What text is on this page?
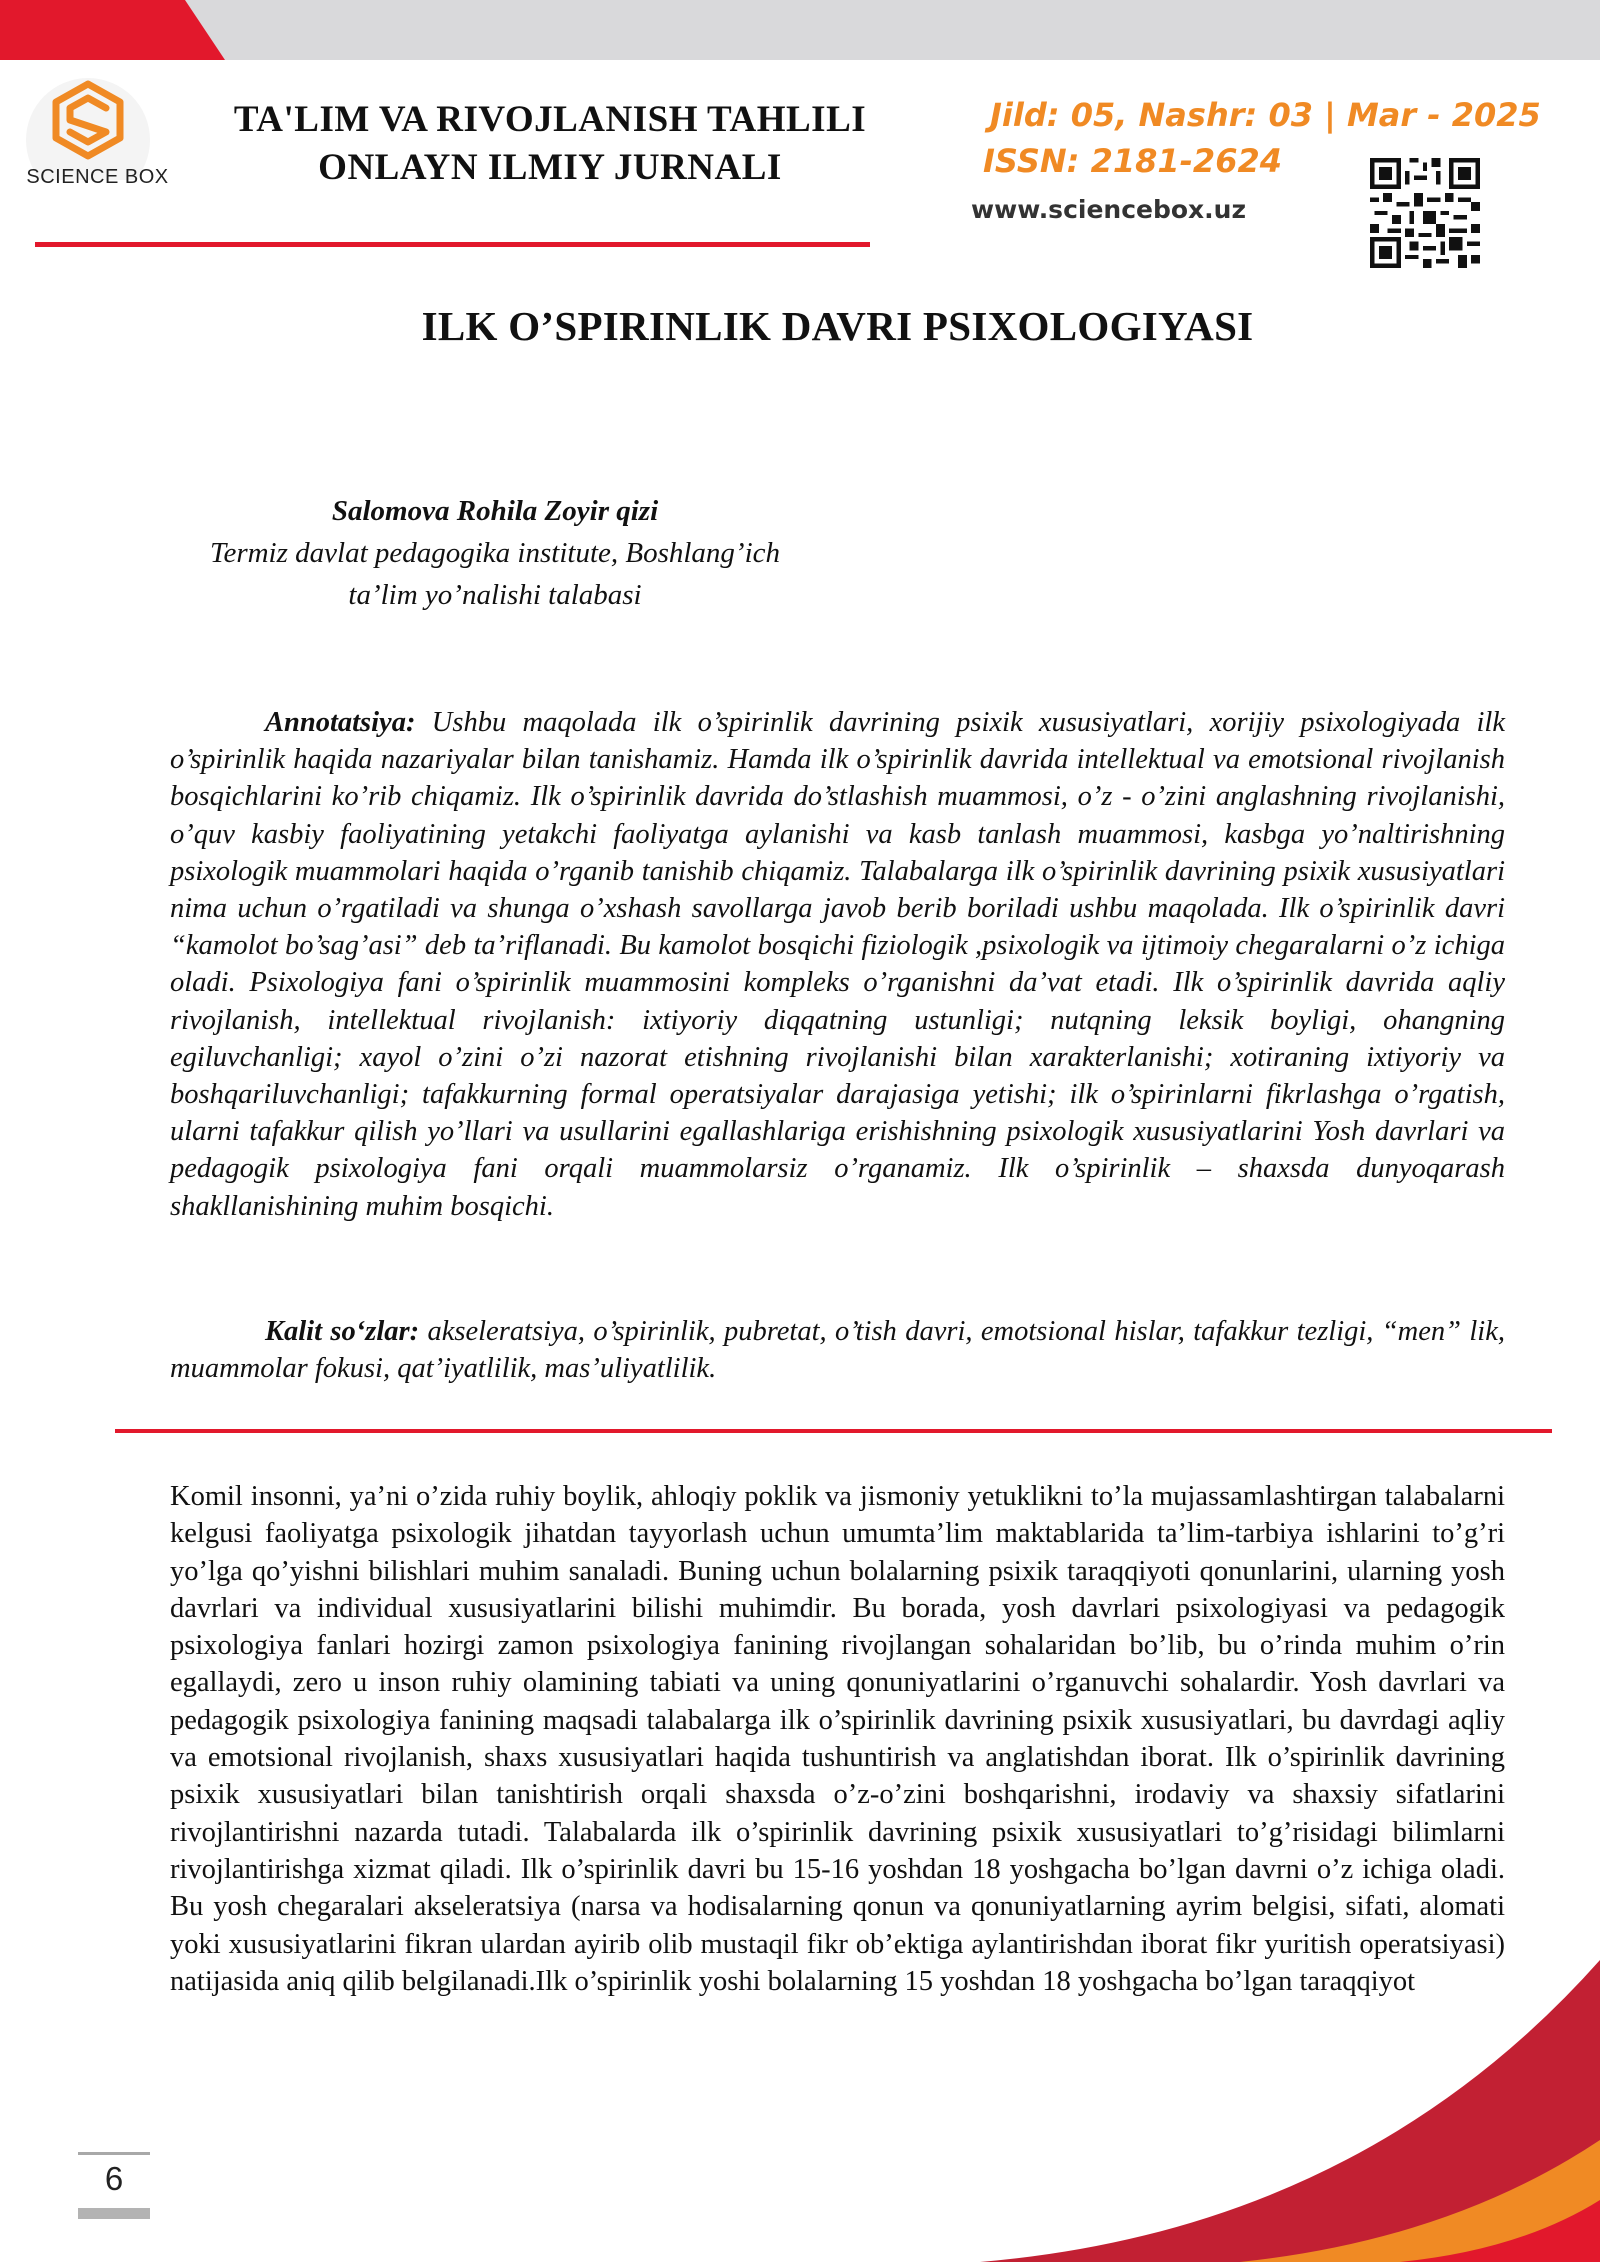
SCIENCE BOX
TA'LIM VA RIVOJLANISH TAHLILI
ONLAYN ILMIY JURNALI
Jild: 05, Nashr: 03 | Mar - 2025
ISSN: 2181-2624
www.sciencebox.uz
ILK O’SPIRINLIK DAVRI PSIXOLOGIYASI
Salomova Rohila Zoyir qizi
Termiz davlat pedagogika institute, Boshlang’ich
ta’lim yo’nalishi talabasi

Annotatsiya: Ushbu maqolada ilk o’spirinlik davrining psixik xususiyatlari, xorijiy psixologiyada ilk o’spirinlik haqida nazariyalar bilan tanishamiz. Hamda ilk o’spirinlik davrida intellektual va emotsional rivojlanish bosqichlarini ko’rib chiqamiz. Ilk o’spirinlik davrida do’stlashish muammosi, o’z - o’zini anglashning rivojlanishi, o’quv kasbiy faoliyatining yetakchi faoliyatga aylanishi va kasb tanlash muammosi, kasbga yo’naltirishning psixologik muammolari haqida o’rganib tanishib chiqamiz. Talabalarga ilk o’spirinlik davrining psixik xususiyatlari nima uchun o’rgatiladi va shunga o’xshash savollarga javob berib boriladi ushbu maqolada. Ilk o’spirinlik davri “kamolot bo’sag’asi” deb ta’riflanadi. Bu kamolot bosqichi fiziologik ,psixologik va ijtimoiy chegaralarni o’z ichiga oladi. Psixologiya fani o’spirinlik muammosini kompleks o’rganishni da’vat etadi. Ilk o’spirinlik davrida aqliy rivojlanish, intellektual rivojlanish: ixtiyoriy diqqatning ustunligi; nutqning leksik boyligi, ohangning egiluvchanligi; xayol o’zini o’zi nazorat etishning rivojlanishi bilan xarakterlanishi; xotiraning ixtiyoriy va boshqariluvchanligi; tafakkurning formal operatsiyalar darajasiga yetishi; ilk o’spirinlarni fikrlashga o’rgatish, ularni tafakkur qilish yo’llari va usullarini egallashlariga erishishning psixologik xususiyatlarini Yosh davrlari va pedagogik psixologiya fani orqali muammolarsiz o’rganamiz. Ilk o’spirinlik – shaxsda dunyoqarash shakllanishining muhim bosqichi.

Kalit so‘zlar: akseleratsiya, o’spirinlik, pubretat, o’tish davri, emotsional hislar, tafakkur tezligi, “men” lik, muammolar fokusi, qat’iyatlilik, mas’uliyatlilik.

Komil insonni, ya’ni o’zida ruhiy boylik, ahloqiy poklik va jismoniy yetuklikni to’la mujassamlashtirgan talabalarni kelgusi faoliyatga psixologik jihatdan tayyorlash uchun umumta’lim maktablarida ta’lim-tarbiya ishlarini to’g’ri yo’lga qo’yishni bilishlari muhim sanaladi. Buning uchun bolalarning psixik taraqqiyoti qonunlarini, ularning yosh davrlari va individual xususiyatlarini bilishi muhimdir. Bu borada, yosh davrlari psixologiyasi va pedagogik psixologiya fanlari hozirgi zamon psixologiya fanining rivojlangan sohalaridan bo’lib, bu o’rinda muhim o’rin egallaydi, zero u inson ruhiy olamining tabiati va uning qonuniyatlarini o’rganuvchi sohalardir. Yosh davrlari va pedagogik psixologiya fanining maqsadi talabalarga ilk o’spirinlik davrining psixik xususiyatlari, bu davrdagi aqliy va emotsional rivojlanish, shaxs xususiyatlari haqida tushuntirish va anglatishdan iborat. Ilk o’spirinlik davrining psixik xususiyatlari bilan tanishtirish orqali shaxsda o’z-o’zini boshqarishni, irodaviy va shaxsiy sifatlarini rivojlantirishni nazarda tutadi. Talabalarda ilk o’spirinlik davrining psixik xususiyatlari to’g’risidagi bilimlarni rivojlantirishga xizmat qiladi. Ilk o’spirinlik davri bu 15-16 yoshdan 18 yoshgacha bo’lgan davrni o’z ichiga oladi. Bu yosh chegaralari akseleratsiya (narsa va hodisalarning qonun va qonuniyatlarning ayrim belgisi, sifati, alomati yoki xususiyatlarini fikran ulardan ayirib olib mustaqil fikr ob’ektiga aylantirishdan iborat fikr yuritish operatsiyasi) natijasida aniq qilib belgilanadi.Ilk o’spirinlik yoshi bolalarning 15 yoshdan 18 yoshgacha bo’lgan taraqqiyot

6
